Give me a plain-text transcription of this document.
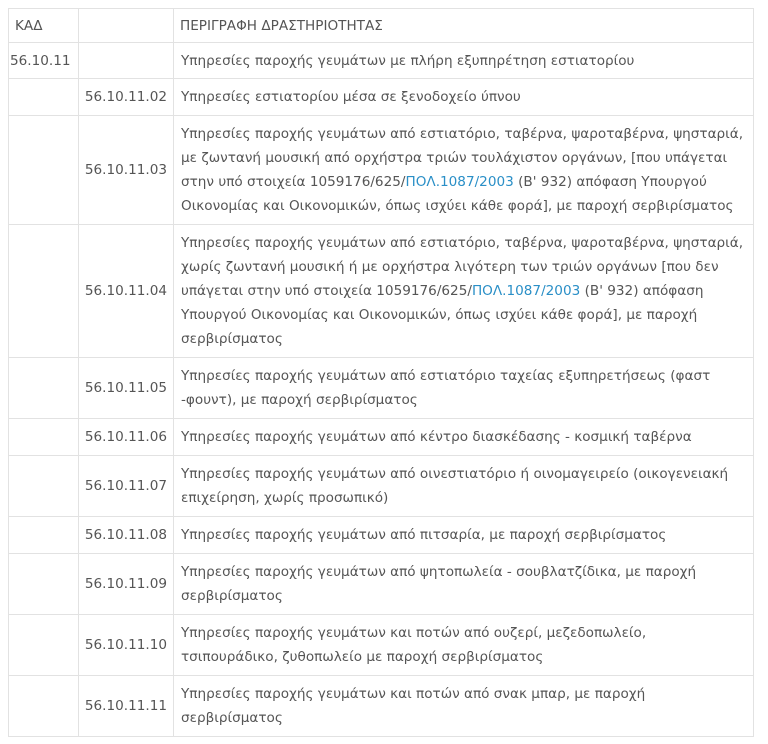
ΚΑΔ		ΠΕΡΙΓΡΑΦΗ ΔΡΑΣΤΗΡΙΟΤΗΤΑΣ
56.10.11		Υπηρεσίες παροχής γευμάτων με πλήρη εξυπηρέτηση εστιατορίου
	56.10.11.02	Υπηρεσίες εστιατορίου μέσα σε ξενοδοχείο ύπνου
	56.10.11.03	Υπηρεσίες παροχής γευμάτων από εστιατόριο, ταβέρνα, ψαροταβέρνα, ψησταριά, με ζωντανή μουσική από ορχήστρα τριών τουλάχιστον οργάνων, [που υπάγεται στην υπό στοιχεία 1059176/625/ΠΟΛ.1087/2003 (Β' 932) απόφαση Υπουργού Οικονομίας και Οικονομικών, όπως ισχύει κάθε φορά], με παροχή σερβιρίσματος
	56.10.11.04	Υπηρεσίες παροχής γευμάτων από εστιατόριο, ταβέρνα, ψαροταβέρνα, ψησταριά, χωρίς ζωντανή μουσική ή με ορχήστρα λιγότερη των τριών οργάνων [που δεν υπάγεται στην υπό στοιχεία 1059176/625/ΠΟΛ.1087/2003 (Β' 932) απόφαση Υπουργού Οικονομίας και Οικονομικών, όπως ισχύει κάθε φορά], με παροχή σερβιρίσματος
	56.10.11.05	Υπηρεσίες παροχής γευμάτων από εστιατόριο ταχείας εξυπηρετήσεως (φαστ -φουντ), με παροχή σερβιρίσματος
	56.10.11.06	Υπηρεσίες παροχής γευμάτων από κέντρο διασκέδασης - κοσμική ταβέρνα
	56.10.11.07	Υπηρεσίες παροχής γευμάτων από οινεστιατόριο ή οινομαγειρείο (οικογενειακή επιχείρηση, χωρίς προσωπικό)
	56.10.11.08	Υπηρεσίες παροχής γευμάτων από πιτσαρία, με παροχή σερβιρίσματος
	56.10.11.09	Υπηρεσίες παροχής γευμάτων από ψητοπωλεία - σουβλατζίδικα, με παροχή σερβιρίσματος
	56.10.11.10	Υπηρεσίες παροχής γευμάτων και ποτών από ουζερί, μεζεδοπωλείο, τσιπουράδικο, ζυθοπωλείο με παροχή σερβιρίσματος
	56.10.11.11	Υπηρεσίες παροχής γευμάτων και ποτών από σνακ μπαρ, με παροχή σερβιρίσματος
